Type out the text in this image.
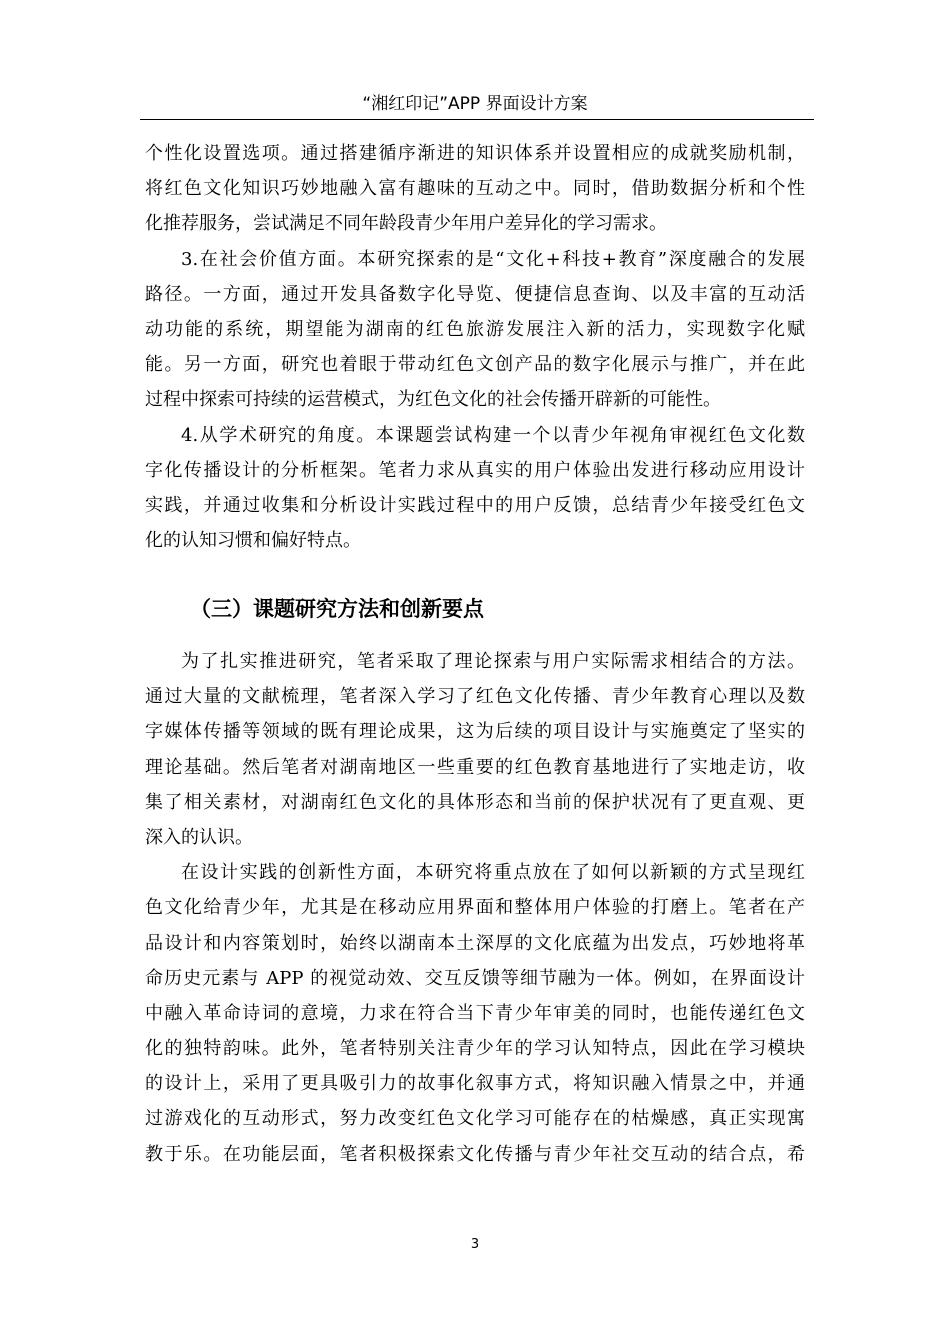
“湘红印记”APP 界面设计方案
个性化设置选项。通过搭建循序渐进的知识体系并设置相应的成就奖励机制，
将红色文化知识巧妙地融入富有趣味的互动之中。同时，借助数据分析和个性
化推荐服务，尝试满足不同年龄段青少年用户差异化的学习需求。
3.在社会价值方面。本研究探索的是“文化+科技+教育”深度融合的发展
路径。一方面，通过开发具备数字化导览、便捷信息查询、以及丰富的互动活
动功能的系统，期望能为湖南的红色旅游发展注入新的活力，实现数字化赋
能。另一方面，研究也着眼于带动红色文创产品的数字化展示与推广，并在此
过程中探索可持续的运营模式，为红色文化的社会传播开辟新的可能性。
4.从学术研究的角度。本课题尝试构建一个以青少年视角审视红色文化数
字化传播设计的分析框架。笔者力求从真实的用户体验出发进行移动应用设计
实践，并通过收集和分析设计实践过程中的用户反馈，总结青少年接受红色文
化的认知习惯和偏好特点。
（三）课题研究方法和创新要点
为了扎实推进研究，笔者采取了理论探索与用户实际需求相结合的方法。
通过大量的文献梳理，笔者深入学习了红色文化传播、青少年教育心理以及数
字媒体传播等领域的既有理论成果，这为后续的项目设计与实施奠定了坚实的
理论基础。然后笔者对湖南地区一些重要的红色教育基地进行了实地走访，收
集了相关素材，对湖南红色文化的具体形态和当前的保护状况有了更直观、更
深入的认识。
在设计实践的创新性方面，本研究将重点放在了如何以新颖的方式呈现红
色文化给青少年，尤其是在移动应用界面和整体用户体验的打磨上。笔者在产
品设计和内容策划时，始终以湖南本土深厚的文化底蕴为出发点，巧妙地将革
命历史元素与 APP 的视觉动效、交互反馈等细节融为一体。例如，在界面设计
中融入革命诗词的意境，力求在符合当下青少年审美的同时，也能传递红色文
化的独特韵味。此外，笔者特别关注青少年的学习认知特点，因此在学习模块
的设计上，采用了更具吸引力的故事化叙事方式，将知识融入情景之中，并通
过游戏化的互动形式，努力改变红色文化学习可能存在的枯燥感，真正实现寓
教于乐。在功能层面，笔者积极探索文化传播与青少年社交互动的结合点，希
3
